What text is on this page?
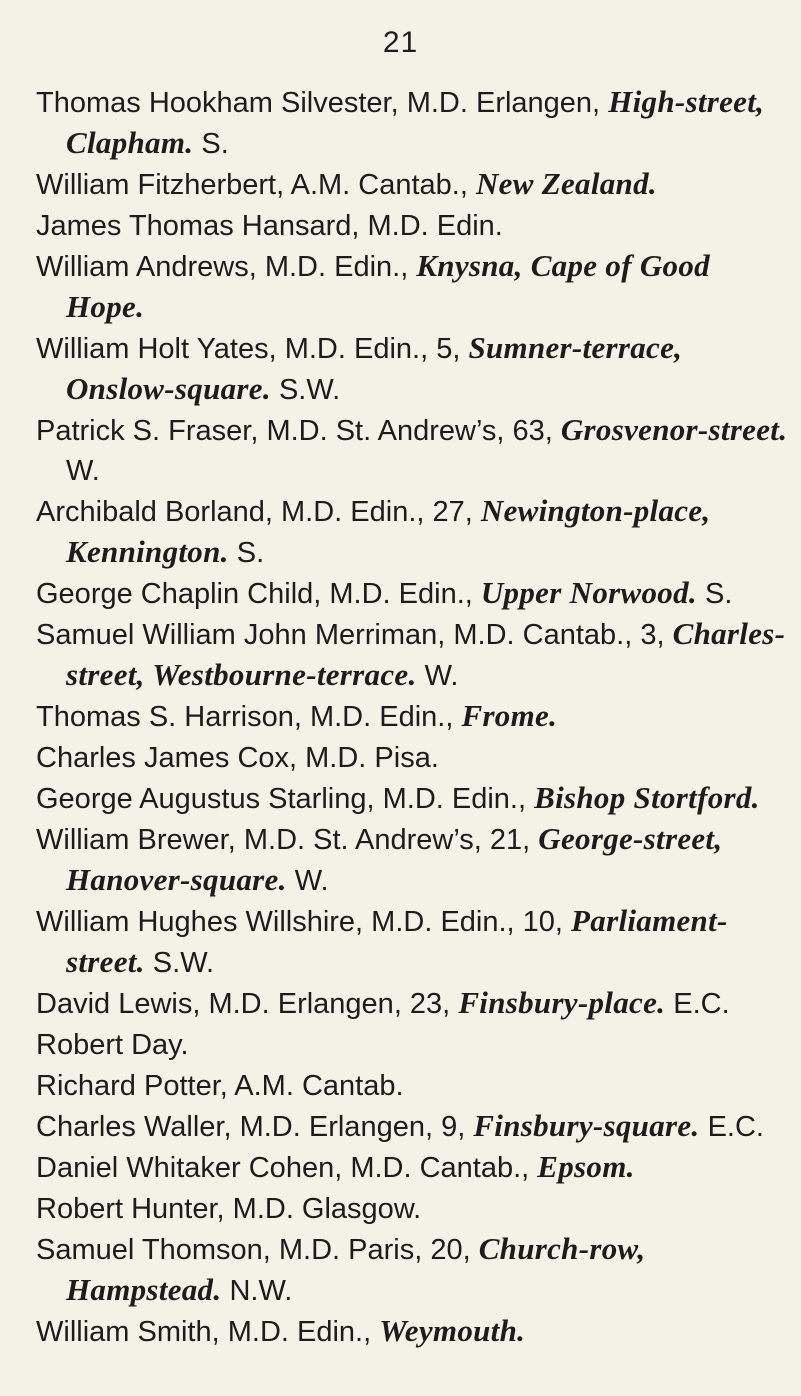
21
Thomas Hookham Silvester, M.D. Erlangen, High-street, Clapham. S.
William Fitzherbert, A.M. Cantab., New Zealand.
James Thomas Hansard, M.D. Edin.
William Andrews, M.D. Edin., Knysna, Cape of Good Hope.
William Holt Yates, M.D. Edin., 5, Sumner-terrace, Onslow-square. S.W.
Patrick S. Fraser, M.D. St. Andrew’s, 63, Grosvenor-street. W.
Archibald Borland, M.D. Edin., 27, Newington-place, Kennington. S.
George Chaplin Child, M.D. Edin., Upper Norwood. S.
Samuel William John Merriman, M.D. Cantab., 3, Charles-street, Westbourne-terrace. W.
Thomas S. Harrison, M.D. Edin., Frome.
Charles James Cox, M.D. Pisa.
George Augustus Starling, M.D. Edin., Bishop Stortford.
William Brewer, M.D. St. Andrew’s, 21, George-street, Hanover-square. W.
William Hughes Willshire, M.D. Edin., 10, Parliament-street. S.W.
David Lewis, M.D. Erlangen, 23, Finsbury-place. E.C.
Robert Day.
Richard Potter, A.M. Cantab.
Charles Waller, M.D. Erlangen, 9, Finsbury-square. E.C.
Daniel Whitaker Cohen, M.D. Cantab., Epsom.
Robert Hunter, M.D. Glasgow.
Samuel Thomson, M.D. Paris, 20, Church-row, Hampstead. N.W.
William Smith, M.D. Edin., Weymouth.
